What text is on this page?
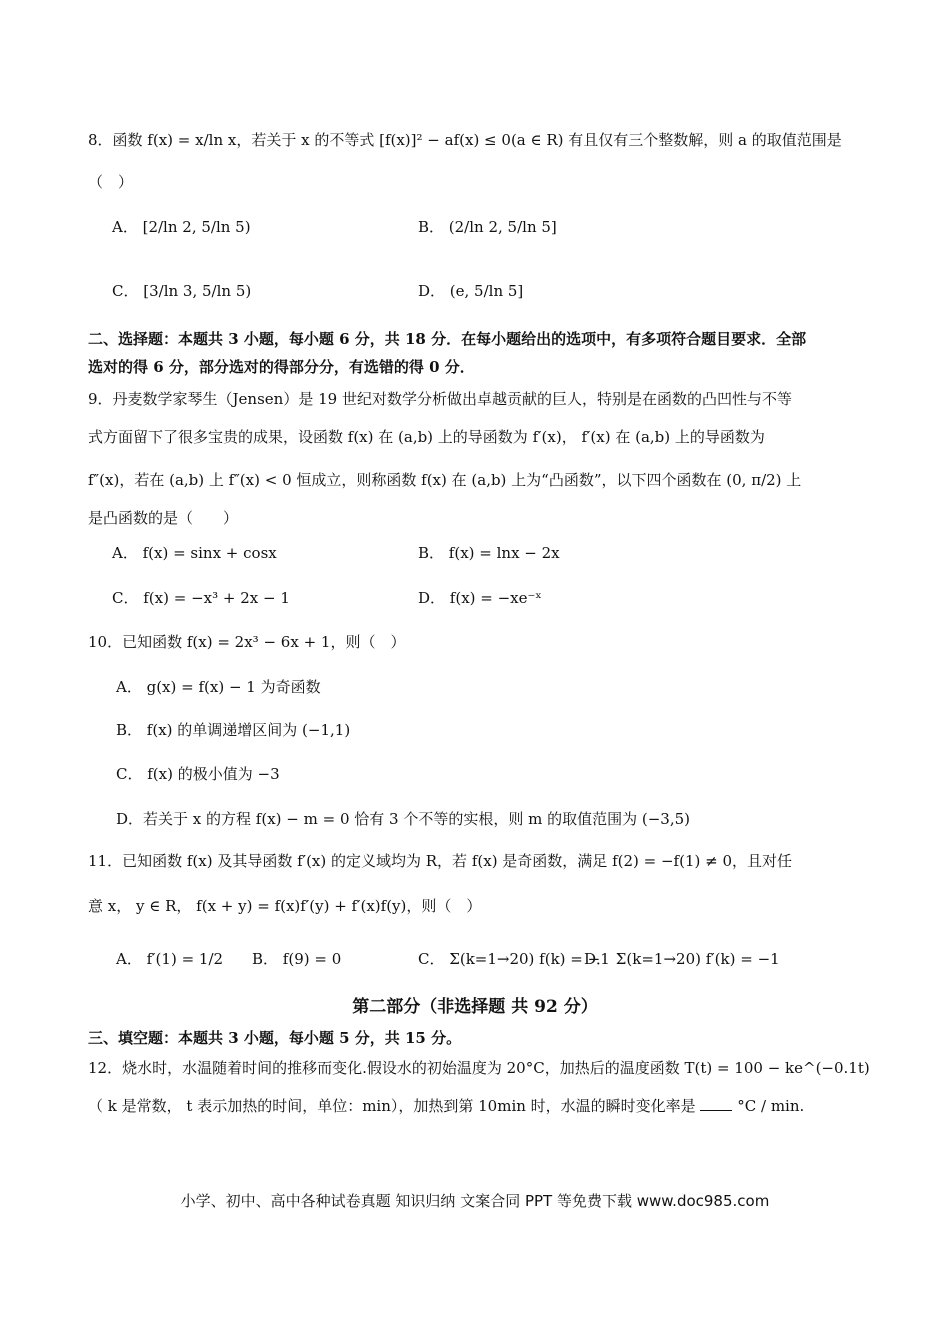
8．函数 f(x) = x/ln x，若关于 x 的不等式 [f(x)]² − af(x) ≤ 0(a ∈ R) 有且仅有三个整数解，则 a 的取值范围是
（　）
A． [2/ln 2, 5/ln 5)	B． (2/ln 2, 5/ln 5]
C． [3/ln 3, 5/ln 5)	D． (e, 5/ln 5]
二、选择题：本题共 3 小题，每小题 6 分，共 18 分．在每小题给出的选项中，有多项符合题目要求．全部
选对的得 6 分，部分选对的得部分分，有选错的得 0 分．
9．丹麦数学家琴生（Jensen）是 19 世纪对数学分析做出卓越贡献的巨人，特别是在函数的凸凹性与不等
式方面留下了很多宝贵的成果，设函数 f(x) 在 (a,b) 上的导函数为 f′(x)， f′(x) 在 (a,b) 上的导函数为
f″(x)，若在 (a,b) 上 f″(x) < 0 恒成立，则称函数 f(x) 在 (a,b) 上为“凸函数”，以下四个函数在 (0, π/2) 上
是凸函数的是（　　）
A． f(x) = sinx + cosx	B． f(x) = lnx − 2x
C． f(x) = −x³ + 2x − 1	D． f(x) = −xe⁻ˣ
10．已知函数 f(x) = 2x³ − 6x + 1，则（　）
A． g(x) = f(x) − 1 为奇函数
B． f(x) 的单调递增区间为 (−1,1)
C． f(x) 的极小值为 −3
D．若关于 x 的方程 f(x) − m = 0 恰有 3 个不等的实根，则 m 的取值范围为 (−3,5)
11．已知函数 f(x) 及其导函数 f′(x) 的定义域均为 R，若 f(x) 是奇函数，满足 f(2) = −f(1) ≠ 0，且对任
意 x， y ∈ R， f(x + y) = f(x)f′(y) + f′(x)f(y)，则（　）
A． f′(1) = 1/2 B． f(9) = 0	C． Σ(k=1→20) f(k) = −1
D． Σ(k=1→20) f′(k) = −1
第二部分（非选择题 共 92 分）
三、填空题：本题共 3 小题，每小题 5 分，共 15 分。
12．烧水时，水温随着时间的推移而变化.假设水的初始温度为 20°C，加热后的温度函数 T(t) = 100 − ke^(−0.1t)
（ k 是常数， t 表示加热的时间，单位：min），加热到第 10min 时，水温的瞬时变化率是	°C / min.
小学、初中、高中各种试卷真题 知识归纳 文案合同 PPT 等免费下载 www.doc985.com
